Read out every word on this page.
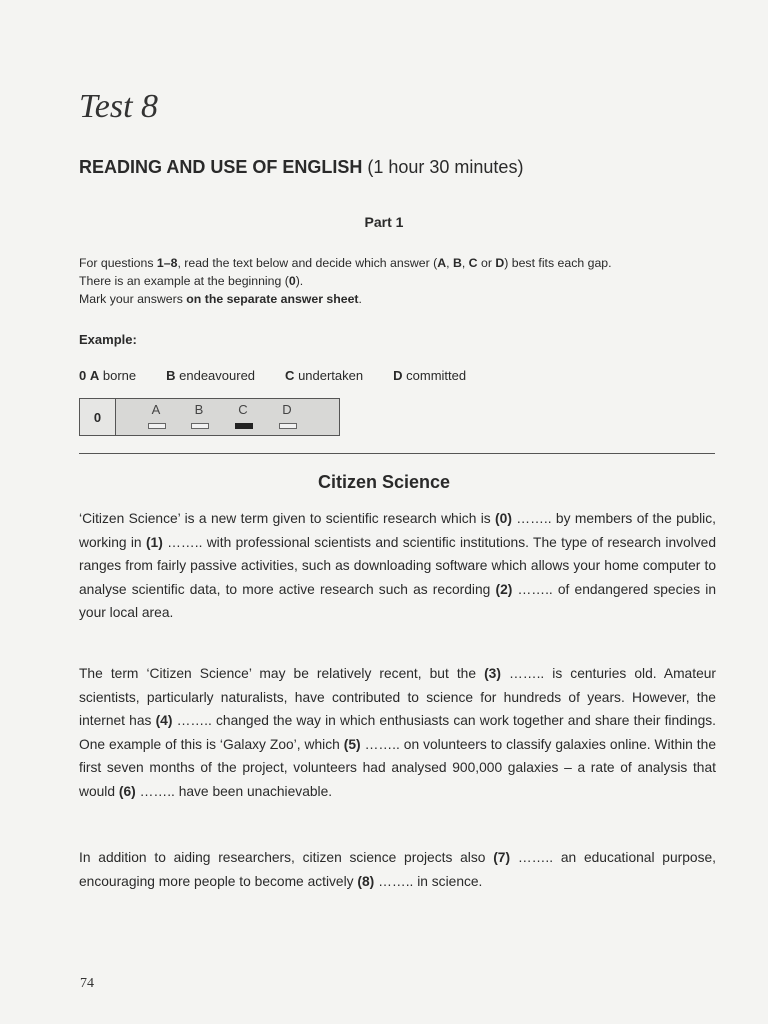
Test 8
READING AND USE OF ENGLISH (1 hour 30 minutes)
Part 1
For questions 1–8, read the text below and decide which answer (A, B, C or D) best fits each gap.
There is an example at the beginning (0).
Mark your answers on the separate answer sheet.
Example:
0 A borne B endeavoured C undertaken D committed
0	A	B	C	D
Citizen Science
‘Citizen Science’ is a new term given to scientific research which is (0) …….. by members of the public, working in (1) …….. with professional scientists and scientific institutions. The type of research involved ranges from fairly passive activities, such as downloading software which allows your home computer to analyse scientific data, to more active research such as recording (2) …….. of endangered species in your local area.
The term ‘Citizen Science’ may be relatively recent, but the (3) …….. is centuries old. Amateur scientists, particularly naturalists, have contributed to science for hundreds of years. However, the internet has (4) …….. changed the way in which enthusiasts can work together and share their findings. One example of this is ‘Galaxy Zoo’, which (5) …….. on volunteers to classify galaxies online. Within the first seven months of the project, volunteers had analysed 900,000 galaxies – a rate of analysis that would (6) …….. have been unachievable.
In addition to aiding researchers, citizen science projects also (7) …….. an educational purpose, encouraging more people to become actively (8) …….. in science.
74
